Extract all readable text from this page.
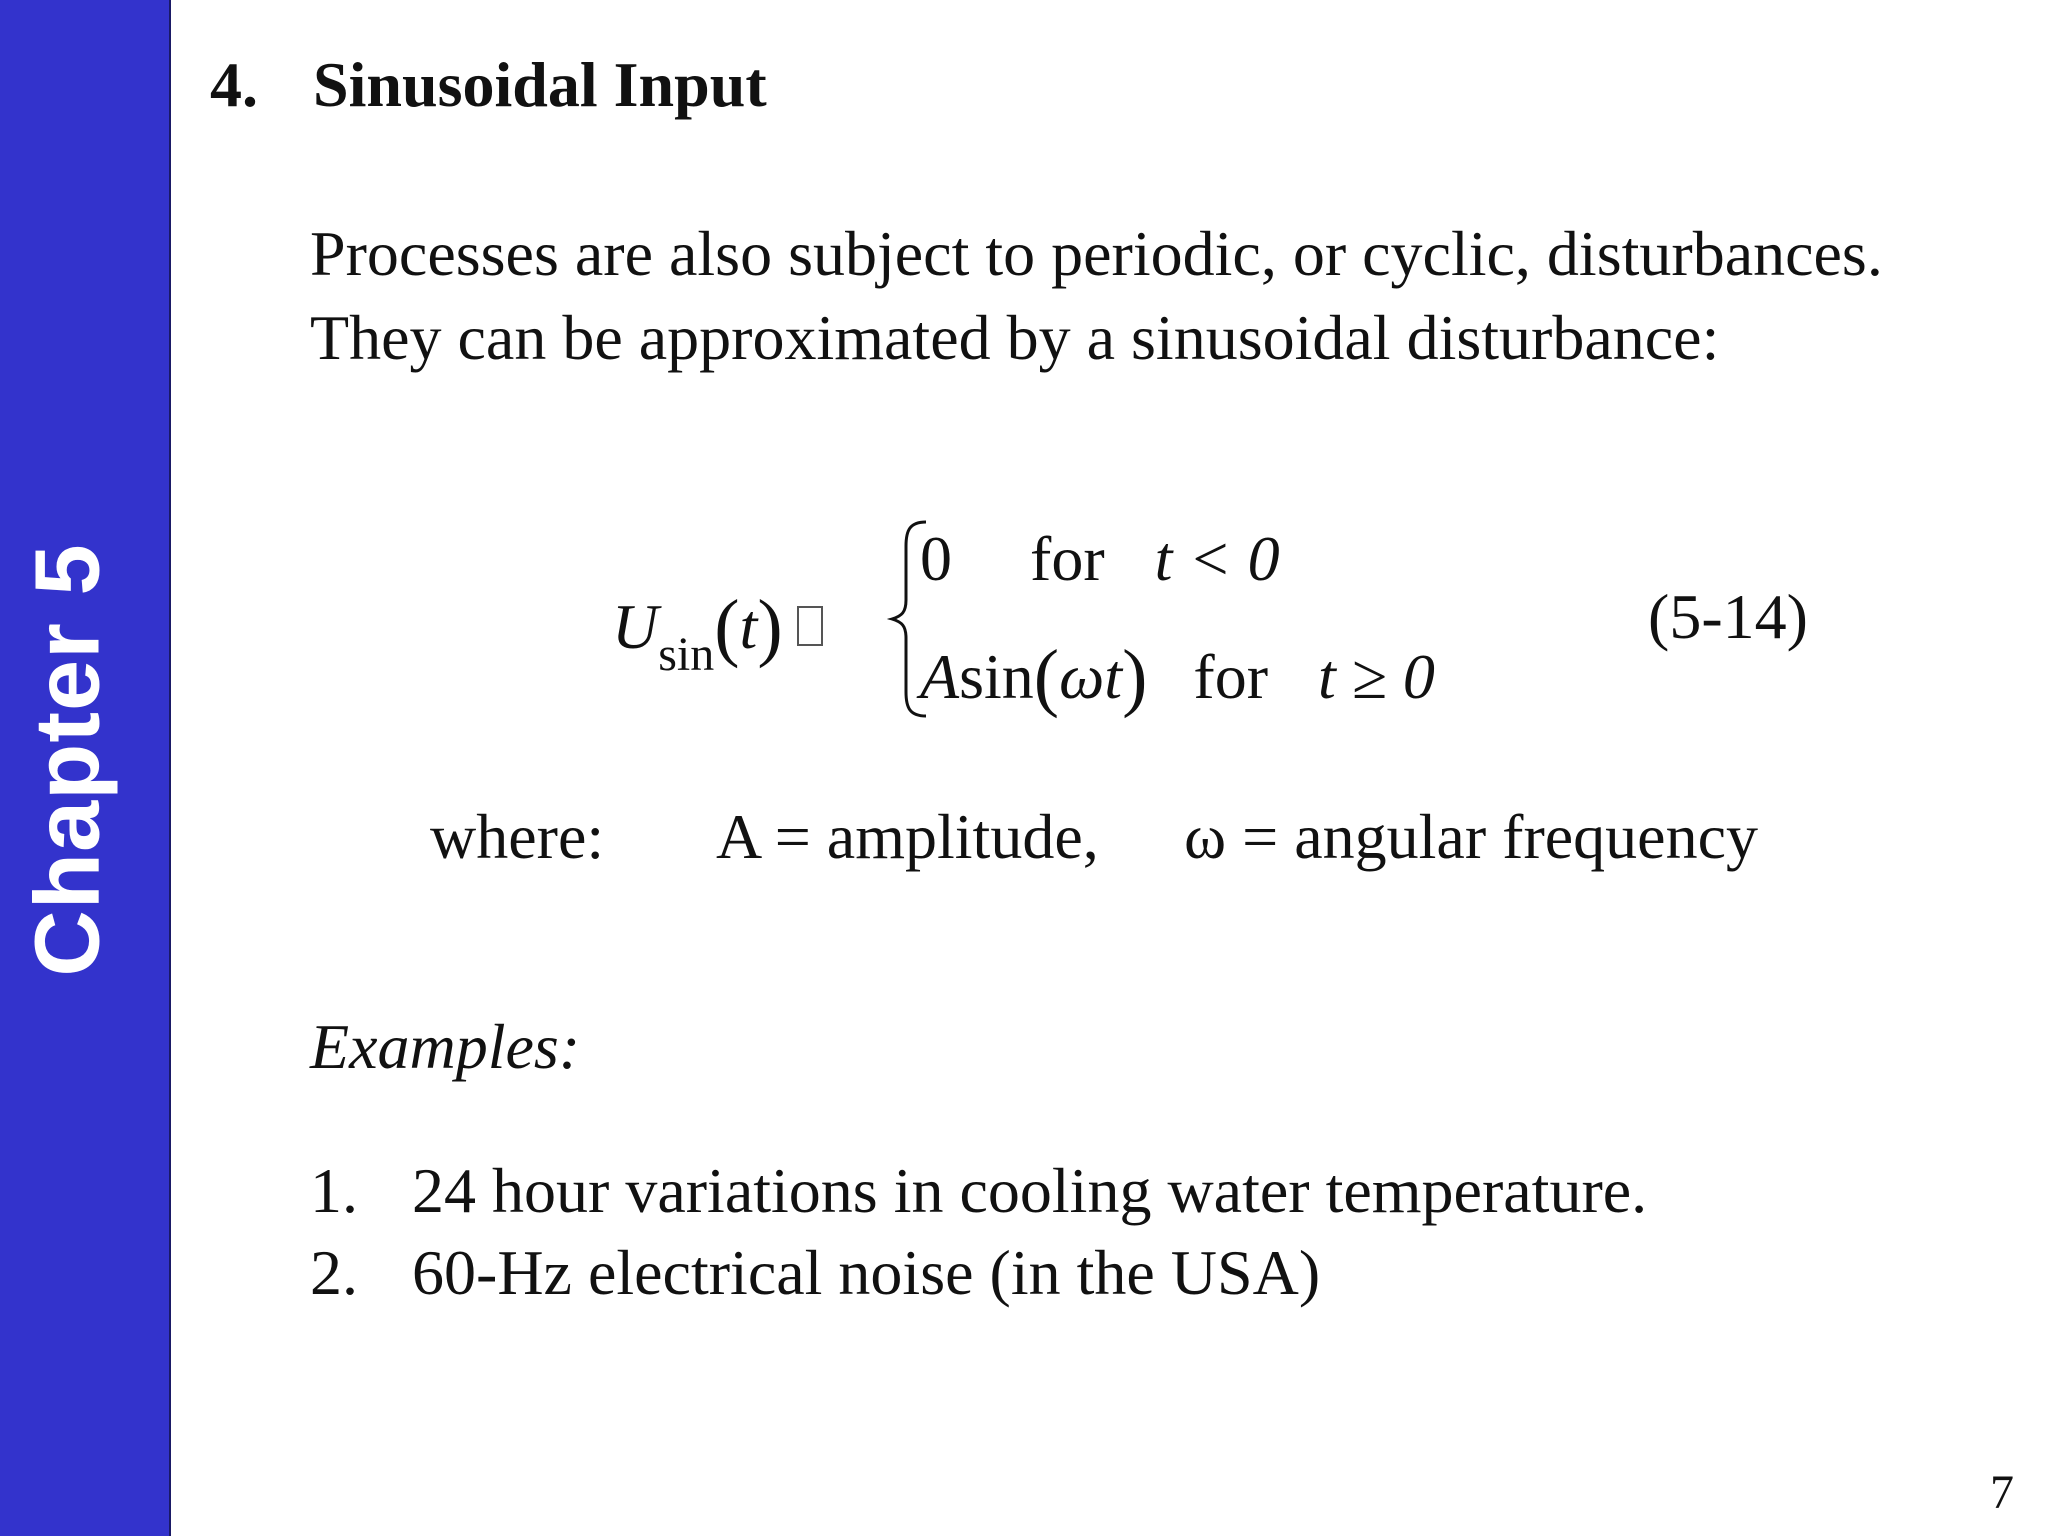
Chapter 5
4. Sinusoidal Input
Processes are also subject to periodic, or cyclic, disturbances.
They can be approximated by a sinusoidal disturbance:
$U_{sin}(t)$
0 for t < 0
Asin(ωt) for t ≥ 0
(5-14)
where: A = amplitude, ω = angular frequency
Examples:
1. 24 hour variations in cooling water temperature.
2. 60-Hz electrical noise (in the USA)
7
